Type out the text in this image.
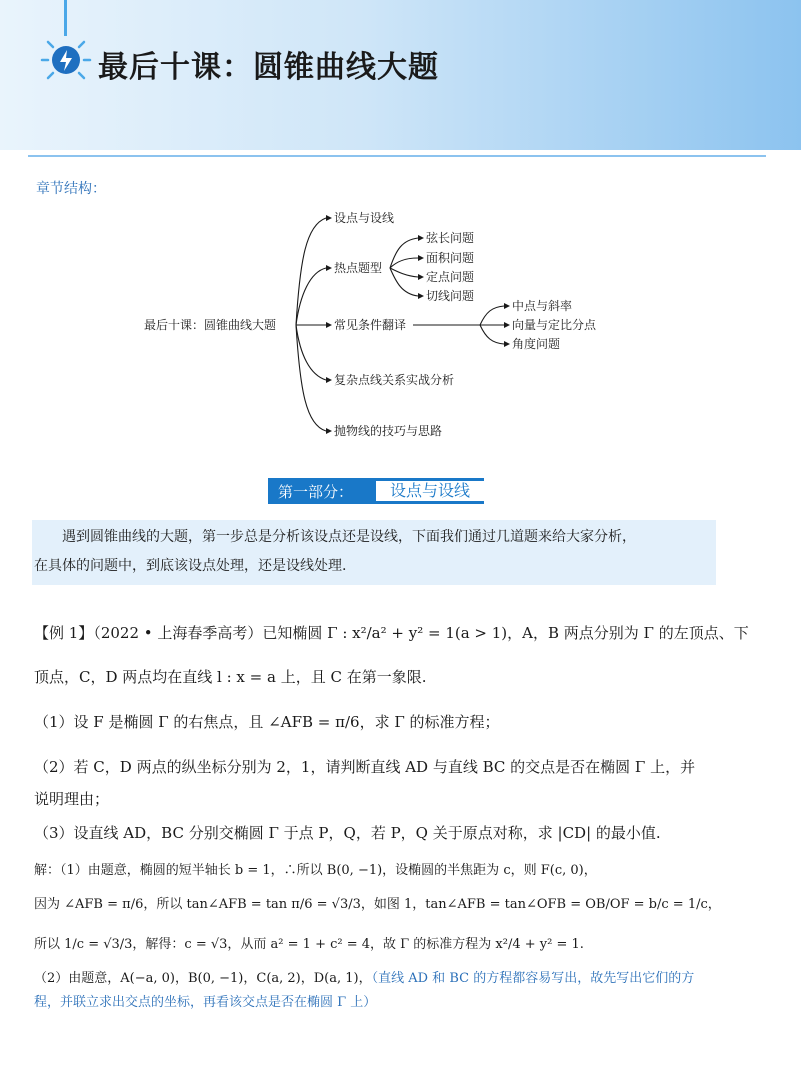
最后十课：圆锥曲线大题
章节结构：
最后十课：圆锥曲线大题
设点与设线
热点题型
常见条件翻译
复杂点线关系实战分析
抛物线的技巧与思路
弦长问题
面积问题
定点问题
切线问题
中点与斜率
向量与定比分点
角度问题
第一部分：	设点与设线
遇到圆锥曲线的大题，第一步总是分析该设点还是设线，下面我们通过几道题来给大家分析，
在具体的问题中，到底该设点处理，还是设线处理.
【例 1】（2022 • 上海春季高考）已知椭圆 Γ : x²/a² + y² = 1(a > 1)，A，B 两点分别为 Γ 的左顶点、下
顶点，C，D 两点均在直线 l : x = a 上，且 C 在第一象限.
（1）设 F 是椭圆 Γ 的右焦点，且 ∠AFB = π/6，求 Γ 的标准方程；
（2）若 C，D 两点的纵坐标分别为 2，1，请判断直线 AD 与直线 BC 的交点是否在椭圆 Γ 上，并
说明理由；
（3）设直线 AD，BC 分别交椭圆 Γ 于点 P，Q，若 P，Q 关于原点对称，求 |CD| 的最小值.
解：（1）由题意，椭圆的短半轴长 b = 1，∴所以 B(0, −1)，设椭圆的半焦距为 c，则 F(c, 0)，
因为 ∠AFB = π/6，所以 tan∠AFB = tan π/6 = √3/3，如图 1，tan∠AFB = tan∠OFB = OB/OF = b/c = 1/c，
所以 1/c = √3/3，解得：c = √3，从而 a² = 1 + c² = 4，故 Γ 的标准方程为 x²/4 + y² = 1.
（2）由题意，A(−a, 0)，B(0, −1)，C(a, 2)，D(a, 1)，（直线 AD 和 BC 的方程都容易写出，故先写出它们的方
程，并联立求出交点的坐标，再看该交点是否在椭圆 Γ 上）
